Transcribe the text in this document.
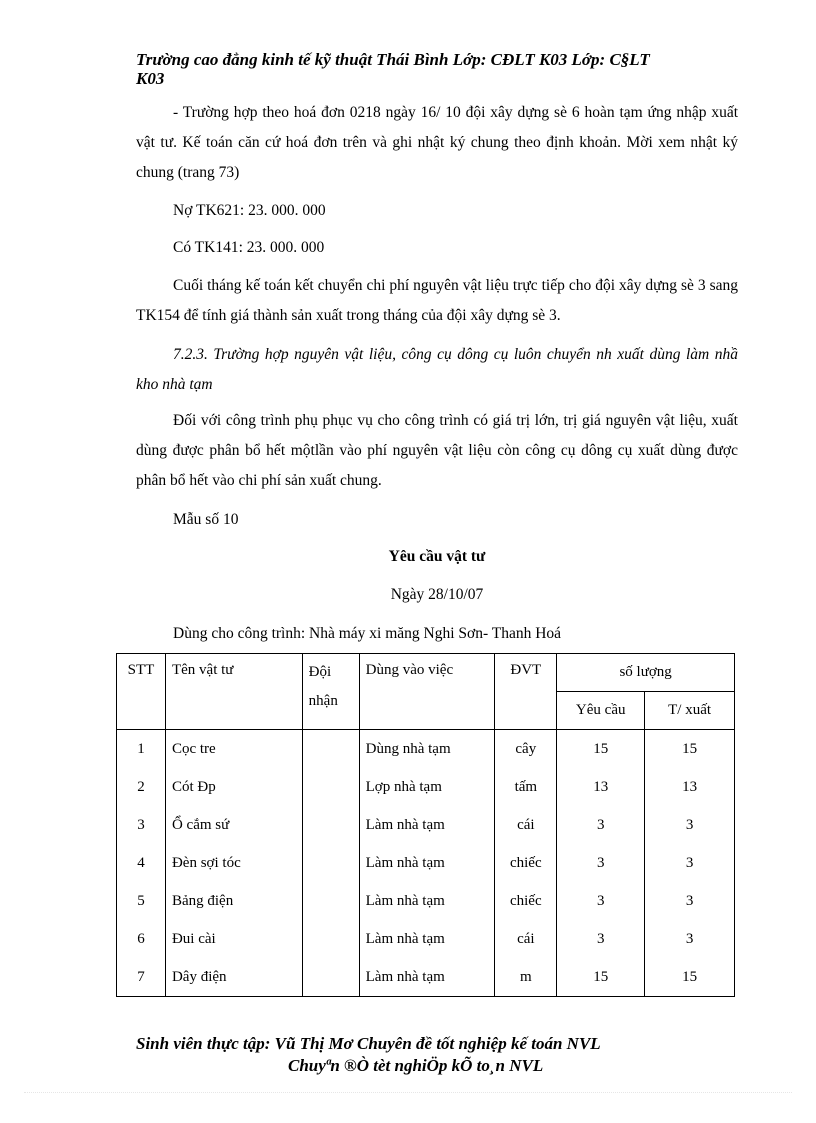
Trường cao đẳng kinh tế kỹ thuật Thái Bình Lớp: CĐLT K03 Lớp: C§LT
K03
- Trường hợp theo hoá đơn 0218 ngày 16/ 10 đội xây dựng sè 6 hoàn tạm ứng nhập xuất vật tư. Kế toán căn cứ hoá đơn trên và ghi nhật ký chung theo định khoản. Mời xem nhật ký chung (trang 73)
Nợ TK621: 23. 000. 000
Có TK141: 23. 000. 000
Cuối tháng kế toán kết chuyển chi phí nguyên vật liệu trực tiếp cho đội xây dựng sè 3 sang TK154 để tính giá thành sản xuất trong tháng của đội xây dựng sè 3.
7.2.3. Trường hợp nguyên vật liệu, công cụ dông cụ luôn chuyển nh xuất dùng làm nhầ kho nhà tạm
Đối với công trình phụ phục vụ cho công trình có giá trị lớn, trị giá nguyên vật liệu, xuất dùng được phân bổ hết mộtlần vào phí nguyên vật liệu còn công cụ dông cụ xuất dùng được phân bổ hết vào chi phí sản xuất chung.
Mẫu số 10
Yêu cầu vật tư
Ngày 28/10/07
Dùng cho công trình: Nhà máy xi măng Nghi Sơn- Thanh Hoá
STT	Tên vật tư	Đội nhận	Dùng vào việc	ĐVT	số lượng	
					Yêu cầu	T/ xuất
1	Cọc tre		Dùng nhà tạm	cây	15	15
2	Cót Đp		Lợp nhà tạm	tấm	13	13
3	Ổ cắm sứ		Làm nhà tạm	cái	3	3
4	Đèn sợi tóc		Làm nhà tạm	chiếc	3	3
5	Bảng điện		Làm nhà tạm	chiếc	3	3
6	Đui cài		Làm nhà tạm	cái	3	3
7	Dây điện		Làm nhà tạm	m	15	15
Sinh viên thực tập: Vũ Thị Mơ Chuyên đề tốt nghiệp kế toán NVL
Chuyªn ®Ò tèt nghiÖp kÕ to¸n NVL
